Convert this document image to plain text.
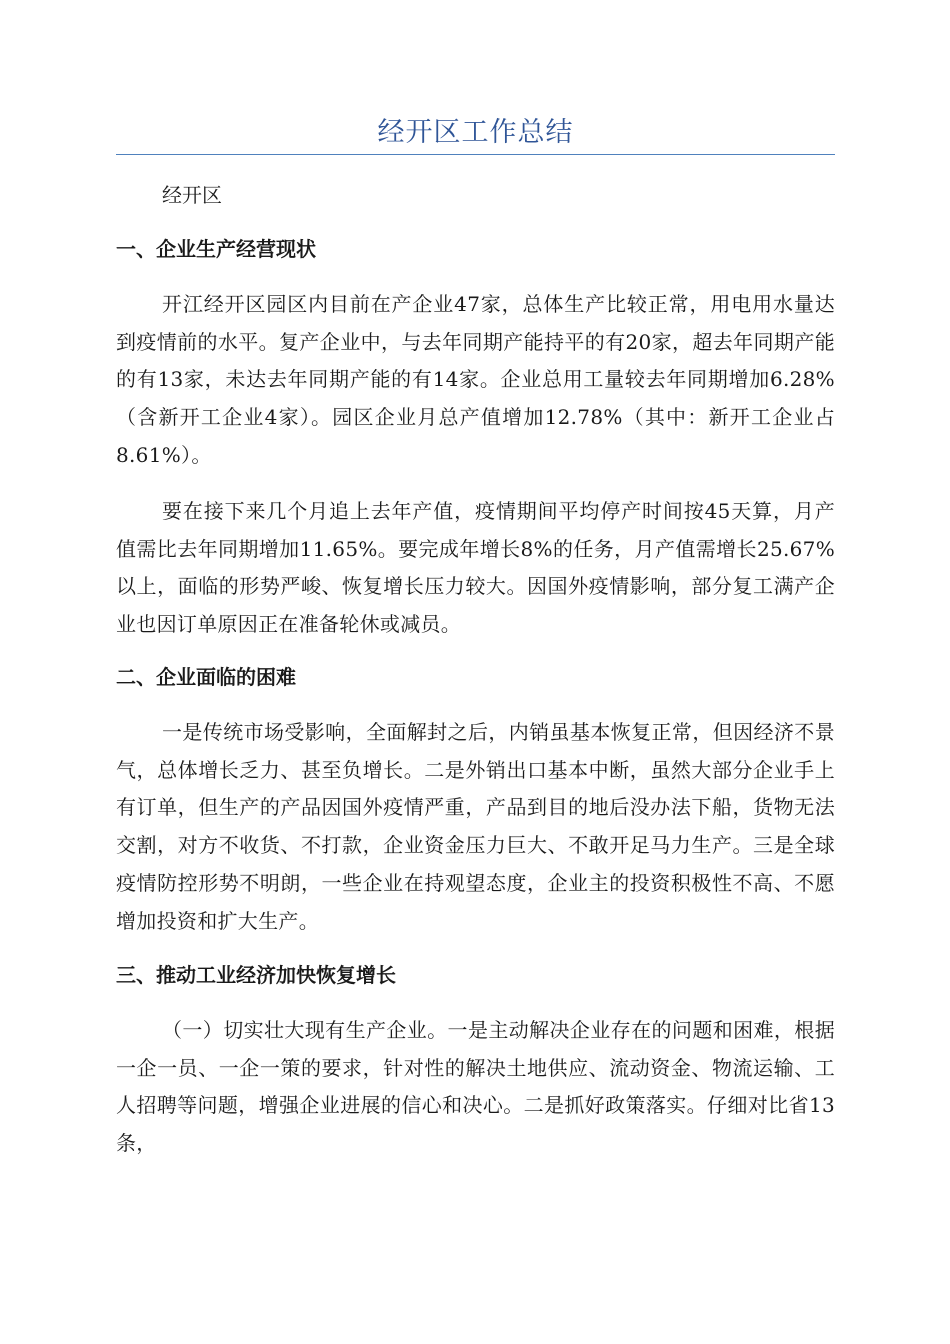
经开区工作总结
经开区
一、企业生产经营现状

开江经开区园区内目前在产企业47家，总体生产比较正常，用电用水量达到疫情前的水平。复产企业中，与去年同期产能持平的有20家，超去年同期产能的有13家，未达去年同期产能的有14家。企业总用工量较去年同期增加6.28%（含新开工企业4家）。园区企业月总产值增加12.78%（其中：新开工企业占8.61%）。

要在接下来几个月追上去年产值，疫情期间平均停产时间按45天算，月产值需比去年同期增加11.65%。要完成年增长8%的任务，月产值需增长25.67%以上，面临的形势严峻、恢复增长压力较大。因国外疫情影响，部分复工满产企业也因订单原因正在准备轮休或减员。

二、企业面临的困难

一是传统市场受影响，全面解封之后，内销虽基本恢复正常，但因经济不景气，总体增长乏力、甚至负增长。二是外销出口基本中断，虽然大部分企业手上有订单，但生产的产品因国外疫情严重，产品到目的地后没办法下船，货物无法交割，对方不收货、不打款，企业资金压力巨大、不敢开足马力生产。三是全球疫情防控形势不明朗，一些企业在持观望态度，企业主的投资积极性不高、不愿增加投资和扩大生产。

三、推动工业经济加快恢复增长

（一）切实壮大现有生产企业。一是主动解决企业存在的问题和困难，根据一企一员、一企一策的要求，针对性的解决土地供应、流动资金、物流运输、工人招聘等问题，增强企业进展的信心和决心。二是抓好政策落实。仔细对比省13条，
